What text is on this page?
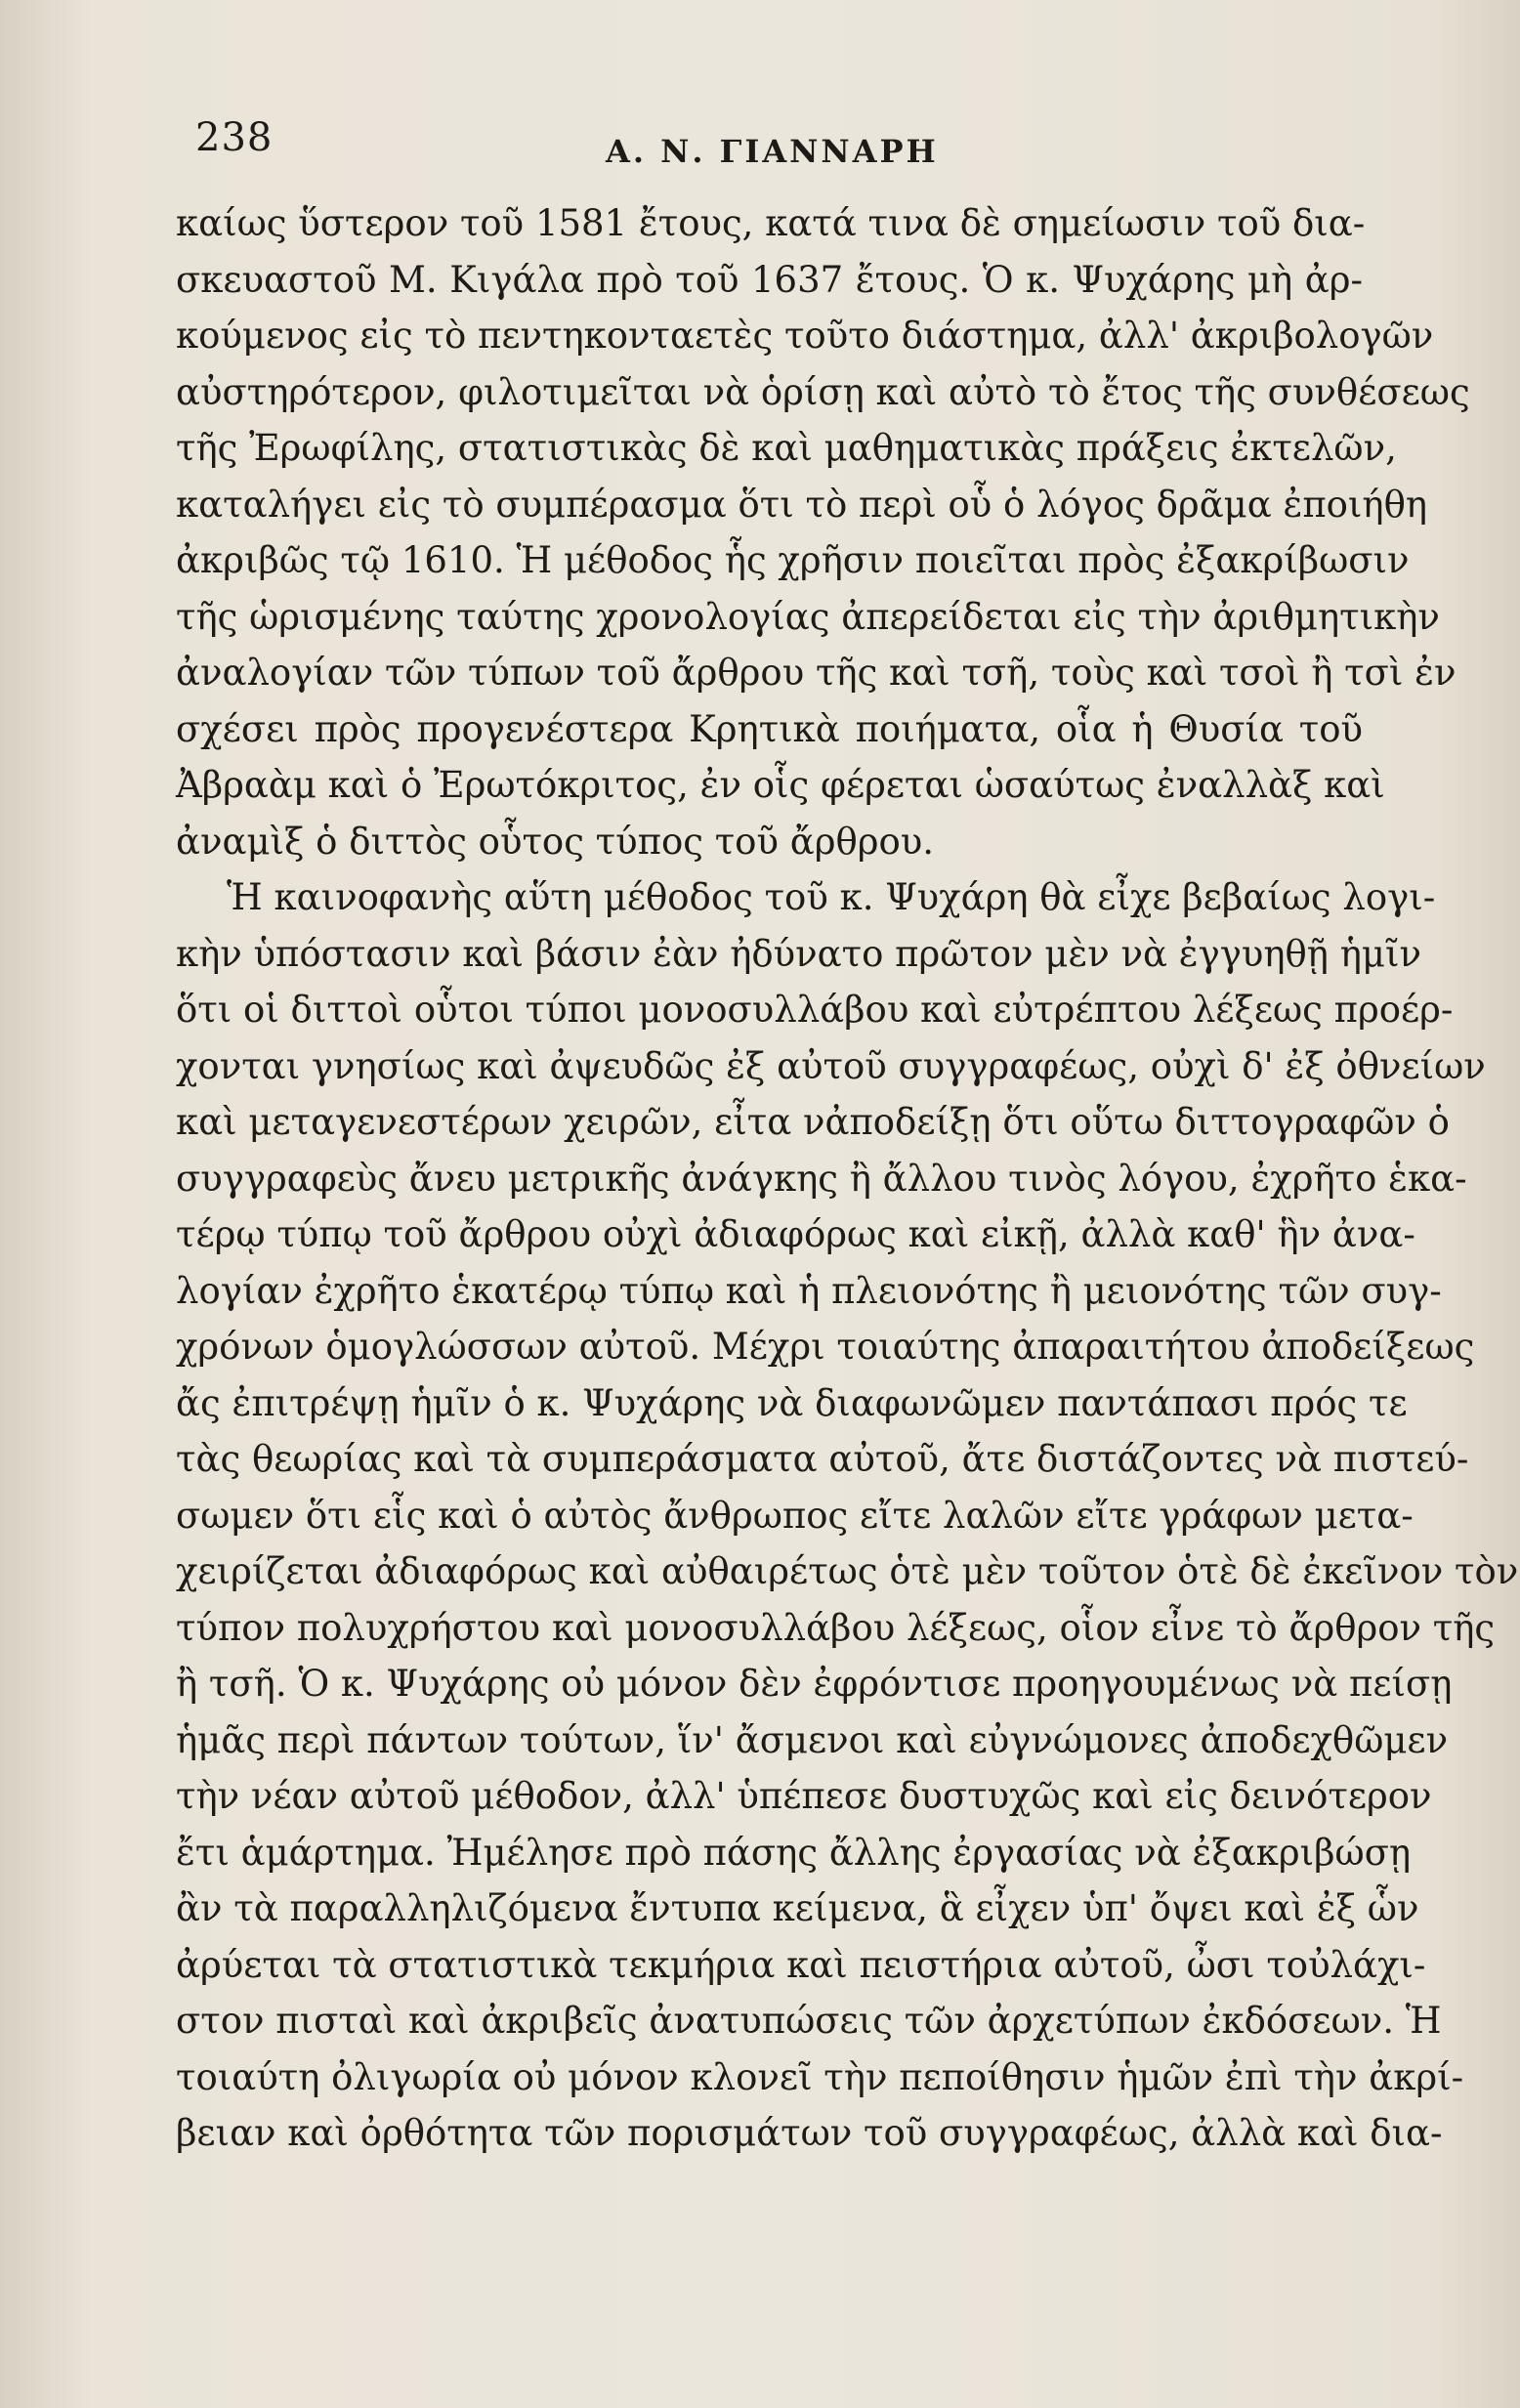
238	Α. Ν. ΓΙΑΝΝΑΡΗ
καίως ὕστερον τοῦ 1581 ἔτους, κατά τινα δὲ σημείωσιν τοῦ δια-
σκευαστοῦ Μ. Κιγάλα πρὸ τοῦ 1637 ἔτους. Ὁ κ. Ψυχάρης μὴ ἀρ-
κούμενος εἰς τὸ πεντηκονταετὲς τοῦτο διάστημα, ἀλλ' ἀκριβολογῶν
αὐστηρότερον, φιλοτιμεῖται νὰ ὁρίσῃ καὶ αὐτὸ τὸ ἔτος τῆς συνθέσεως
τῆς Ἐρωφίλης, στατιστικὰς δὲ καὶ μαθηματικὰς πράξεις ἐκτελῶν,
καταλήγει εἰς τὸ συμπέρασμα ὅτι τὸ περὶ οὗ ὁ λόγος δρᾶμα ἐποιήθη
ἀκριβῶς τῷ 1610. Ἡ μέθοδος ἧς χρῆσιν ποιεῖται πρὸς ἐξακρίβωσιν
τῆς ὡρισμένης ταύτης χρονολογίας ἀπερείδεται εἰς τὴν ἀριθμητικὴν
ἀναλογίαν τῶν τύπων τοῦ ἄρθρου τῆς καὶ τσῆ, τοὺς καὶ τσοὶ ἢ τσὶ ἐν
σχέσει πρὸς προγενέστερα Κρητικὰ ποιήματα, οἷα ἡ Θυσία τοῦ
Ἀβραὰμ καὶ ὁ Ἐρωτόκριτος, ἐν οἷς φέρεται ὡσαύτως ἐναλλὰξ καὶ
ἀναμὶξ ὁ διττὸς οὗτος τύπος τοῦ ἄρθρου.
Ἡ καινοφανὴς αὕτη μέθοδος τοῦ κ. Ψυχάρη θὰ εἶχε βεβαίως λογι-
κὴν ὑπόστασιν καὶ βάσιν ἐὰν ἠδύνατο πρῶτον μὲν νὰ ἐγγυηθῇ ἡμῖν
ὅτι οἱ διττοὶ οὗτοι τύποι μονοσυλλάβου καὶ εὐτρέπτου λέξεως προέρ-
χονται γνησίως καὶ ἀψευδῶς ἐξ αὐτοῦ συγγραφέως, οὐχὶ δ' ἐξ ὀθνείων
καὶ μεταγενεστέρων χειρῶν, εἶτα νἀποδείξῃ ὅτι οὕτω διττογραφῶν ὁ
συγγραφεὺς ἄνευ μετρικῆς ἀνάγκης ἢ ἄλλου τινὸς λόγου, ἐχρῆτο ἑκα-
τέρῳ τύπῳ τοῦ ἄρθρου οὐχὶ ἀδιαφόρως καὶ εἰκῇ, ἀλλὰ καθ' ἣν ἀνα-
λογίαν ἐχρῆτο ἑκατέρῳ τύπῳ καὶ ἡ πλειονότης ἢ μειονότης τῶν συγ-
χρόνων ὁμογλώσσων αὐτοῦ. Μέχρι τοιαύτης ἀπαραιτήτου ἀποδείξεως
ἄς ἐπιτρέψῃ ἡμῖν ὁ κ. Ψυχάρης νὰ διαφωνῶμεν παντάπασι πρός τε
τὰς θεωρίας καὶ τὰ συμπεράσματα αὐτοῦ, ἄτε διστάζοντες νὰ πιστεύ-
σωμεν ὅτι εἷς καὶ ὁ αὐτὸς ἄνθρωπος εἴτε λαλῶν εἴτε γράφων μετα-
χειρίζεται ἀδιαφόρως καὶ αὐθαιρέτως ὁτὲ μὲν τοῦτον ὁτὲ δὲ ἐκεῖνον τὸν
τύπον πολυχρήστου καὶ μονοσυλλάβου λέξεως, οἷον εἶνε τὸ ἄρθρον τῆς
ἢ τσῆ. Ὁ κ. Ψυχάρης οὐ μόνον δὲν ἐφρόντισε προηγουμένως νὰ πείσῃ
ἡμᾶς περὶ πάντων τούτων, ἵν' ἄσμενοι καὶ εὐγνώμονες ἀποδεχθῶμεν
τὴν νέαν αὐτοῦ μέθοδον, ἀλλ' ὑπέπεσε δυστυχῶς καὶ εἰς δεινότερον
ἔτι ἁμάρτημα. Ἠμέλησε πρὸ πάσης ἄλλης ἐργασίας νὰ ἐξακριβώσῃ
ἂν τὰ παραλληλιζόμενα ἔντυπα κείμενα, ἃ εἶχεν ὑπ' ὄψει καὶ ἐξ ὧν
ἀρύεται τὰ στατιστικὰ τεκμήρια καὶ πειστήρια αὐτοῦ, ὦσι τοὐλάχι-
στον πισταὶ καὶ ἀκριβεῖς ἀνατυπώσεις τῶν ἀρχετύπων ἐκδόσεων. Ἡ
τοιαύτη ὀλιγωρία οὐ μόνον κλονεῖ τὴν πεποίθησιν ἡμῶν ἐπὶ τὴν ἀκρί-
βειαν καὶ ὀρθότητα τῶν πορισμάτων τοῦ συγγραφέως, ἀλλὰ καὶ δια-
